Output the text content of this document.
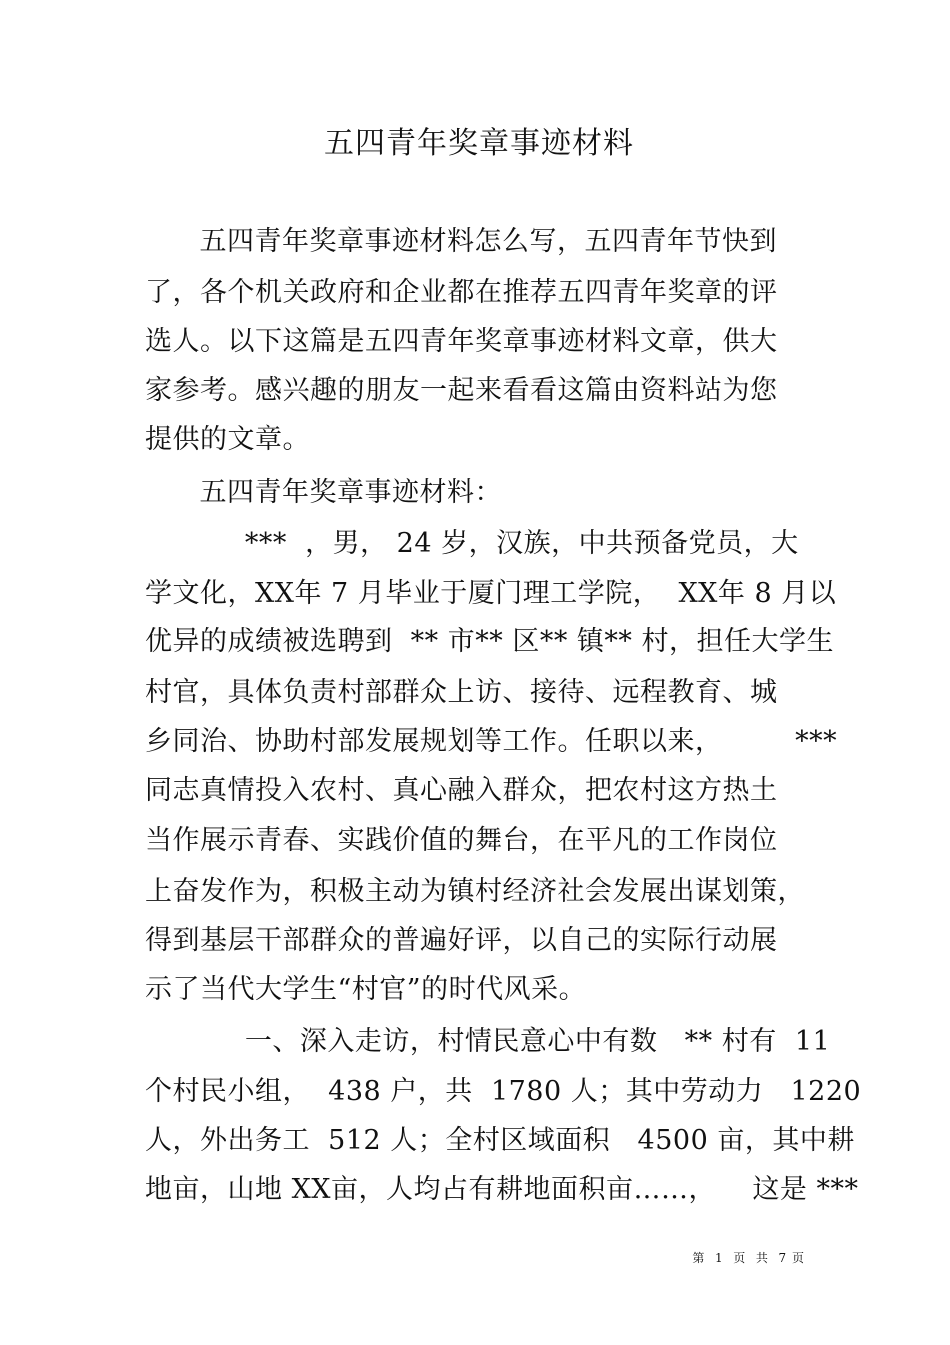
五四青年奖章事迹材料
五四青年奖章事迹材料怎么写，五四青年节快到
了，各个机关政府和企业都在推荐五四青年奖章的评
选人。以下这篇是五四青年奖章事迹材料文章，供大
家参考。感兴趣的朋友一起来看看这篇由资料站为您
提供的文章。
五四青年奖章事迹材料：
***  ，男， 24 岁，汉族，中共预备党员，大
学文化，XX年 7 月毕业于厦门理工学院，  XX年 8 月以
优异的成绩被选聘到  ** 市** 区** 镇** 村，担任大学生
村官，具体负责村部群众上访、接待、远程教育、城
乡同治、协助村部发展规划等工作。任职以来，        ***
同志真情投入农村、真心融入群众，把农村这方热土
当作展示青春、实践价值的舞台，在平凡的工作岗位
上奋发作为，积极主动为镇村经济社会发展出谋划策，
得到基层干部群众的普遍好评，以自己的实际行动展
示了当代大学生“村官”的时代风采。
一、深入走访，村情民意心中有数   ** 村有  11
个村民小组，  438 户，共  1780 人；其中劳动力   1220
人，外出务工  512 人；全村区域面积   4500 亩，其中耕
地亩，山地 XX亩，人均占有耕地面积亩……，    这是 ***
第  1  页  共  7 页
